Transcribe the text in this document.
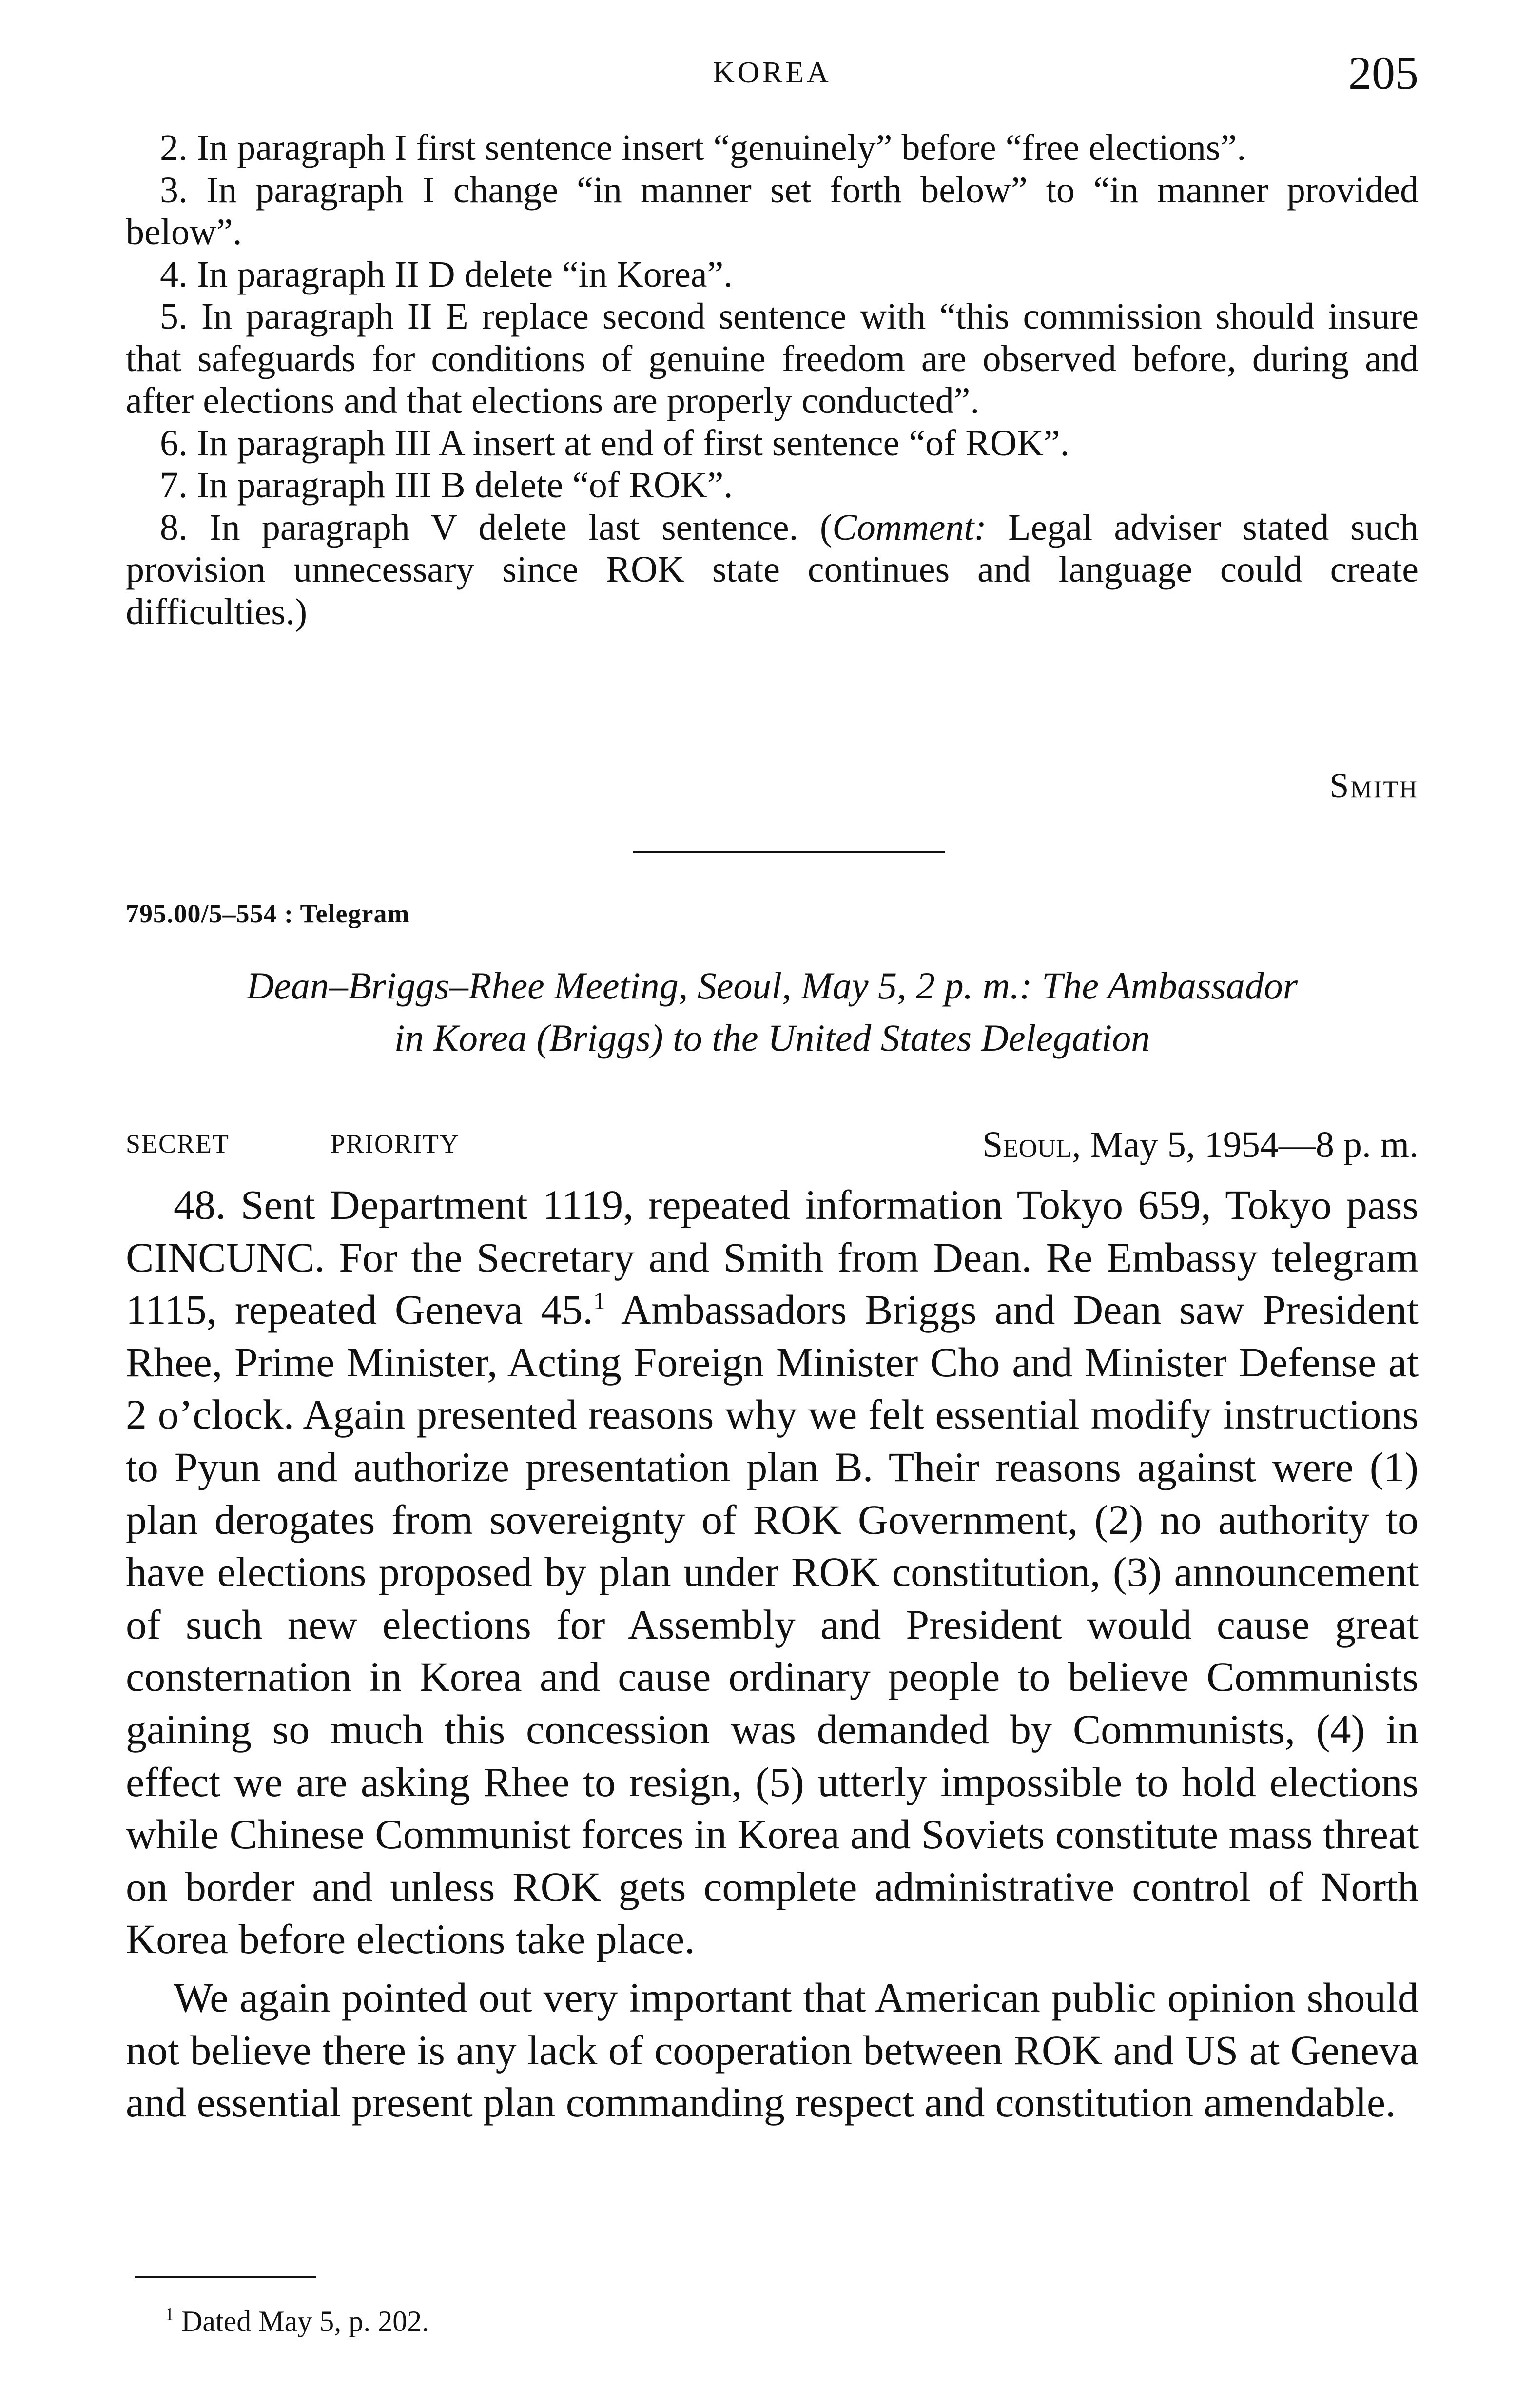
KOREA	205

2. In paragraph I first sentence insert “genuinely” before “free elections”.

3. In paragraph I change “in manner set forth below” to “in manner provided below”.

4. In paragraph II D delete “in Korea”.

5. In paragraph II E replace second sentence with “this commission should insure that safeguards for conditions of genuine freedom are observed before, during and after elections and that elections are properly conducted”.

6. In paragraph III A insert at end of first sentence “of ROK”.

7. In paragraph III B delete “of ROK”.

8. In paragraph V delete last sentence. (Comment: Legal adviser stated such provision unnecessary since ROK state continues and language could create difficulties.)

Smith
795.00/5–554 : Telegram
Dean–Briggs–Rhee Meeting, Seoul, May 5, 2 p. m.: The Ambassador
in Korea (Briggs) to the United States Delegation
SECRET	PRIORITY	Seoul, May 5, 1954—8 p. m.

48. Sent Department 1119, repeated information Tokyo 659, Tokyo pass CINCUNC. For the Secretary and Smith from Dean. Re Embassy telegram 1115, repeated Geneva 45.$^1$ Ambassadors Briggs and Dean saw President Rhee, Prime Minister, Acting Foreign Minister Cho and Minister Defense at 2 o’clock. Again presented reasons why we felt essential modify instructions to Pyun and authorize presentation plan B. Their reasons against were (1) plan derogates from sovereignty of ROK Government, (2) no authority to have elections proposed by plan under ROK constitution, (3) announcement of such new elections for Assembly and President would cause great consternation in Korea and cause ordinary people to believe Communists gaining so much this concession was demanded by Communists, (4) in effect we are asking Rhee to resign, (5) utterly impossible to hold elections while Chinese Communist forces in Korea and Soviets constitute mass threat on border and unless ROK gets complete administrative control of North Korea before elections take place.

We again pointed out very important that American public opinion should not believe there is any lack of cooperation between ROK and US at Geneva and essential present plan commanding respect and constitution amendable.

$^1$ Dated May 5, p. 202.
